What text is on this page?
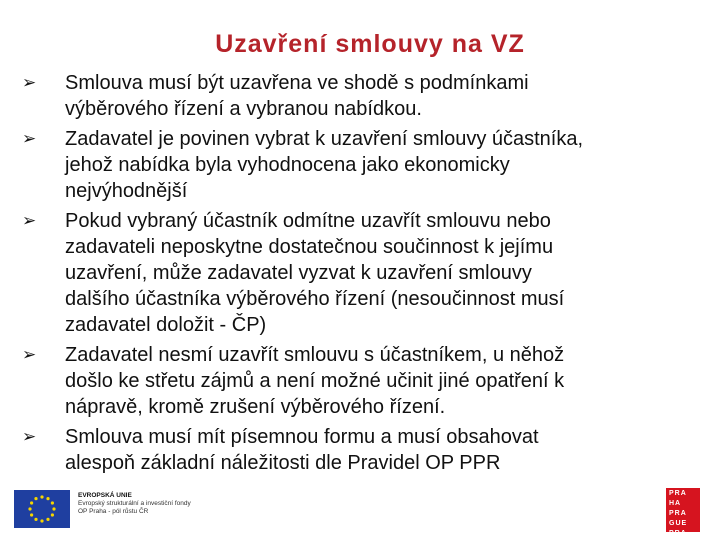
Uzavření smlouvy na VZ
➢ Smlouva musí být uzavřena ve shodě s podmínkami
výběrového řízení a vybranou nabídkou.
➢ Zadavatel je povinen vybrat k uzavření smlouvy účastníka,
jehož nabídka byla vyhodnocena jako ekonomicky
nejvýhodnější
➢ Pokud vybraný účastník odmítne uzavřít smlouvu nebo
zadavateli neposkytne dostatečnou součinnost k jejímu
uzavření, může zadavatel vyzvat k uzavření smlouvy
dalšího účastníka výběrového řízení (nesoučinnost musí
zadavatel doložit - ČP)
➢ Zadavatel nesmí uzavřít smlouvu s účastníkem, u něhož
došlo ke střetu zájmů a není možné učinit jiné opatření k
nápravě, kromě zrušení výběrového řízení.
➢ Smlouva musí mít písemnou formu a musí obsahovat
alespoň základní náležitosti dle Pravidel OP PPR
EVROPSKÁ UNIE
Evropský strukturální a investiční fondy
OP Praha - pól růstu ČR
PRA HA
PRA GUE
PRA GA
PRA G
